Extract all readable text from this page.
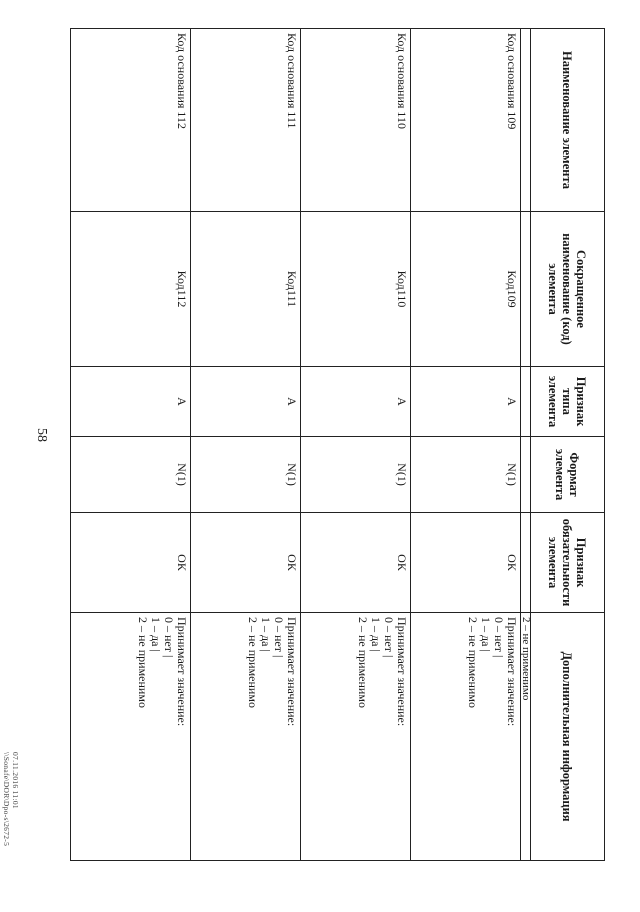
58
07.11.2016 11:01
\\Sonafe\DOR\Dpo-s\2672-5
Наименование элемента	Сокращенное наименование (код) элемента	Признак типа элемента	Формат элемента	Признак обязательности элемента	Дополнительная информация
					2 – не применимо
Код основания 109	Код109	А	N(1)	ОК	Принимает значение:
0 – нет |
1 – да |
2 – не применимо

Код основания 110	Код110	А	N(1)	ОК	Принимает значение:
0 – нет |
1 – да |
2 – не применимо

Код основания 111	Код111	А	N(1)	ОК	Принимает значение:
0 – нет |
1 – да |
2 – не применимо

Код основания 112	Код112	А	N(1)	ОК	Принимает значение:
0 – нет |
1 – да |
2 – не применимо
